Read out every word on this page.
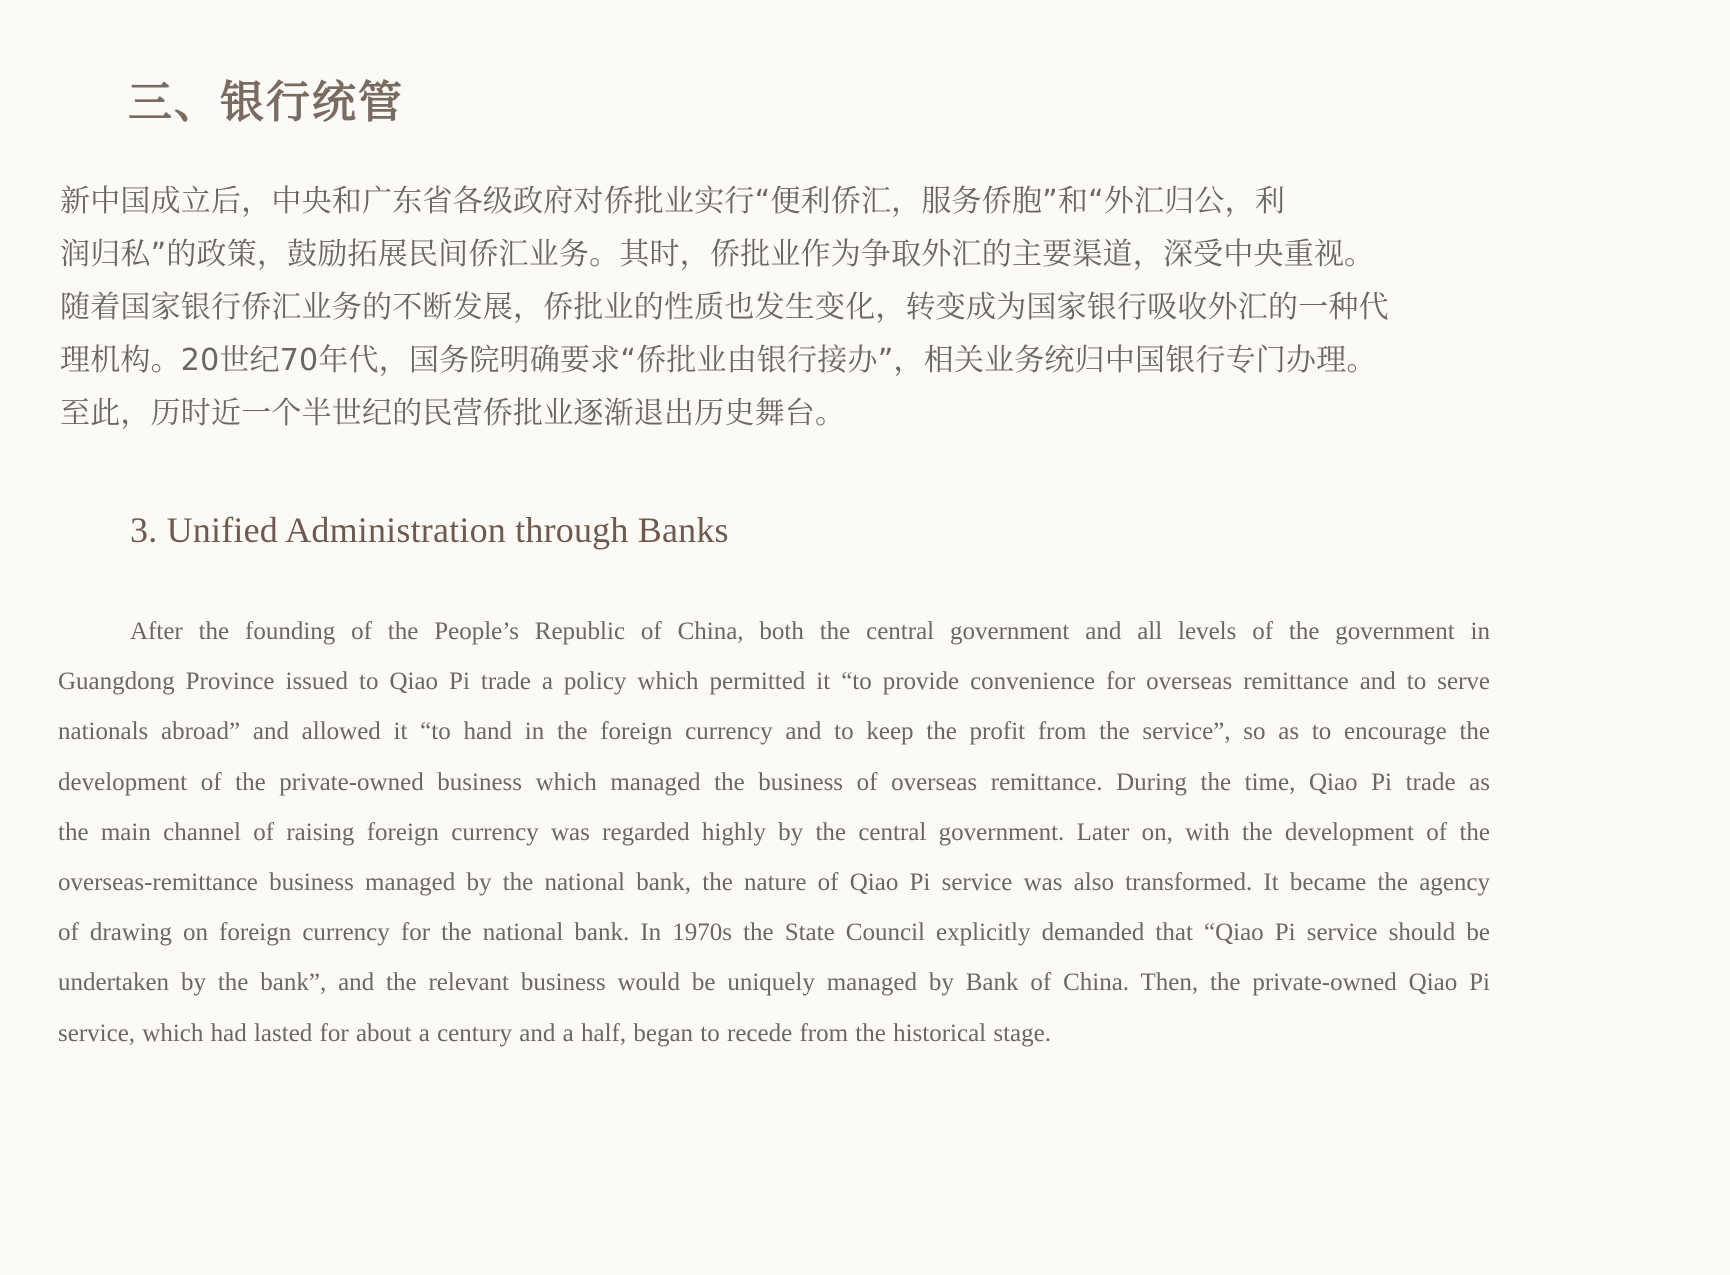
三、银行统管

新中国成立后，中央和广东省各级政府对侨批业实行“便利侨汇，服务侨胞”和“外汇归公，利
润归私”的政策，鼓励拓展民间侨汇业务。其时，侨批业作为争取外汇的主要渠道，深受中央重视。
随着国家银行侨汇业务的不断发展，侨批业的性质也发生变化，转变成为国家银行吸收外汇的一种代
理机构。20世纪70年代，国务院明确要求“侨批业由银行接办”，相关业务统归中国银行专门办理。
至此，历时近一个半世纪的民营侨批业逐渐退出历史舞台。

3. Unified Administration through Banks

After the founding of the People’s Republic of China, both the central government and all levels of the government in
Guangdong Province issued to Qiao Pi trade a policy which permitted it “to provide convenience for overseas remittance and to serve
nationals abroad” and allowed it “to hand in the foreign currency and to keep the profit from the service”, so as to encourage the
development of the private-owned business which managed the business of overseas remittance. During the time, Qiao Pi trade as
the main channel of raising foreign currency was regarded highly by the central government. Later on, with the development of the
overseas-remittance business managed by the national bank, the nature of Qiao Pi service was also transformed. It became the agency
of drawing on foreign currency for the national bank. In 1970s the State Council explicitly demanded that “Qiao Pi service should be
undertaken by the bank”, and the relevant business would be uniquely managed by Bank of China. Then, the private-owned Qiao Pi
service, which had lasted for about a century and a half, began to recede from the historical stage.
